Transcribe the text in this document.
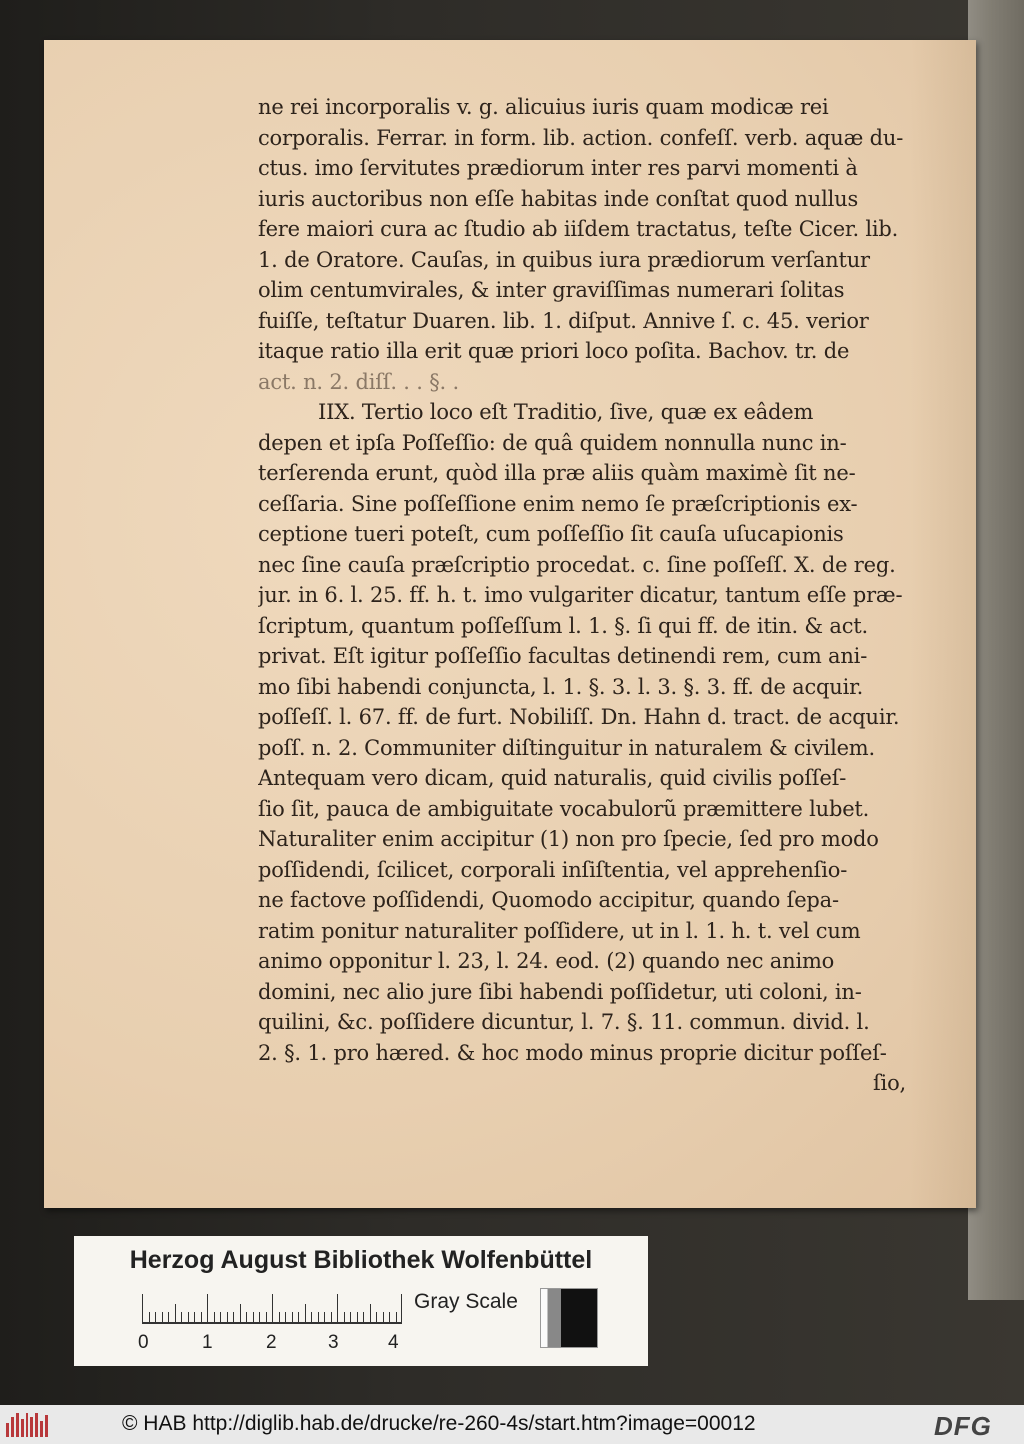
ne rei incorporalis v. g. alicuius iuris quam modicæ rei
corporalis. Ferrar. in form. lib. action. confeſſ. verb. aquæ du-
ctus. imo ſervitutes prædiorum inter res parvi momenti à
iuris auctoribus non eſſe habitas inde conſtat quod nullus
fere maiori cura ac ſtudio ab iiſdem tractatus, teſte Cicer. lib.
1. de Oratore. Cauſas, in quibus iura prædiorum verſantur
olim centumvirales, & inter graviſſimas numerari ſolitas
fuiſſe, teſtatur Duaren. lib. 1. diſput. Annive ſ. c. 45. verior
itaque ratio illa erit quæ priori loco poſita. Bachov. tr. de
act. n. 2. diſſ. . . §. .
IIX. Tertio loco eſt Traditio, ſive, quæ ex eâdem
depen et ipſa Poſſeſſio: de quâ quidem nonnulla nunc in-
terſerenda erunt, quòd illa præ aliis quàm maximè ſit ne-
ceſſaria. Sine poſſeſſione enim nemo ſe præſcriptionis ex-
ceptione tueri poteſt, cum poſſeſſio ſit cauſa uſucapionis
nec ſine cauſa præſcriptio procedat. c. ſine poſſeſſ. X. de reg.
jur. in 6. l. 25. ff. h. t. imo vulgariter dicatur, tantum eſſe præ-
ſcriptum, quantum poſſeſſum l. 1. §. ſi qui ff. de itin. & act.
privat. Eſt igitur poſſeſſio facultas detinendi rem, cum ani-
mo ſibi habendi conjuncta, l. 1. §. 3. l. 3. §. 3. ff. de acquir.
poſſeſſ. l. 67. ff. de furt. Nobiliſſ. Dn. Hahn d. tract. de acquir.
poſſ. n. 2. Communiter diſtinguitur in naturalem & civilem.
Antequam vero dicam, quid naturalis, quid civilis poſſeſ-
ſio ſit, pauca de ambiguitate vocabulorũ præmittere lubet.
Naturaliter enim accipitur (1) non pro ſpecie, ſed pro modo
poſſidendi, ſcilicet, corporali inſiſtentia, vel apprehenſio-
ne factove poſſidendi, Quomodo accipitur, quando ſepa-
ratim ponitur naturaliter poſſidere, ut in l. 1. h. t. vel cum
animo opponitur l. 23, l. 24. eod. (2) quando nec animo
domini, nec alio jure ſibi habendi poſſidetur, uti coloni, in-
quilini, &c. poſſidere dicuntur, l. 7. §. 11. commun. divid. l.
2. §. 1. pro hæred. & hoc modo minus proprie dicitur poſſeſ-
ſio,
Herzog August Bibliothek Wolfenbüttel
0	1	2	3	4
Gray Scale
© HAB http://diglib.hab.de/drucke/re-260-4s/start.htm?image=00012	DFG
